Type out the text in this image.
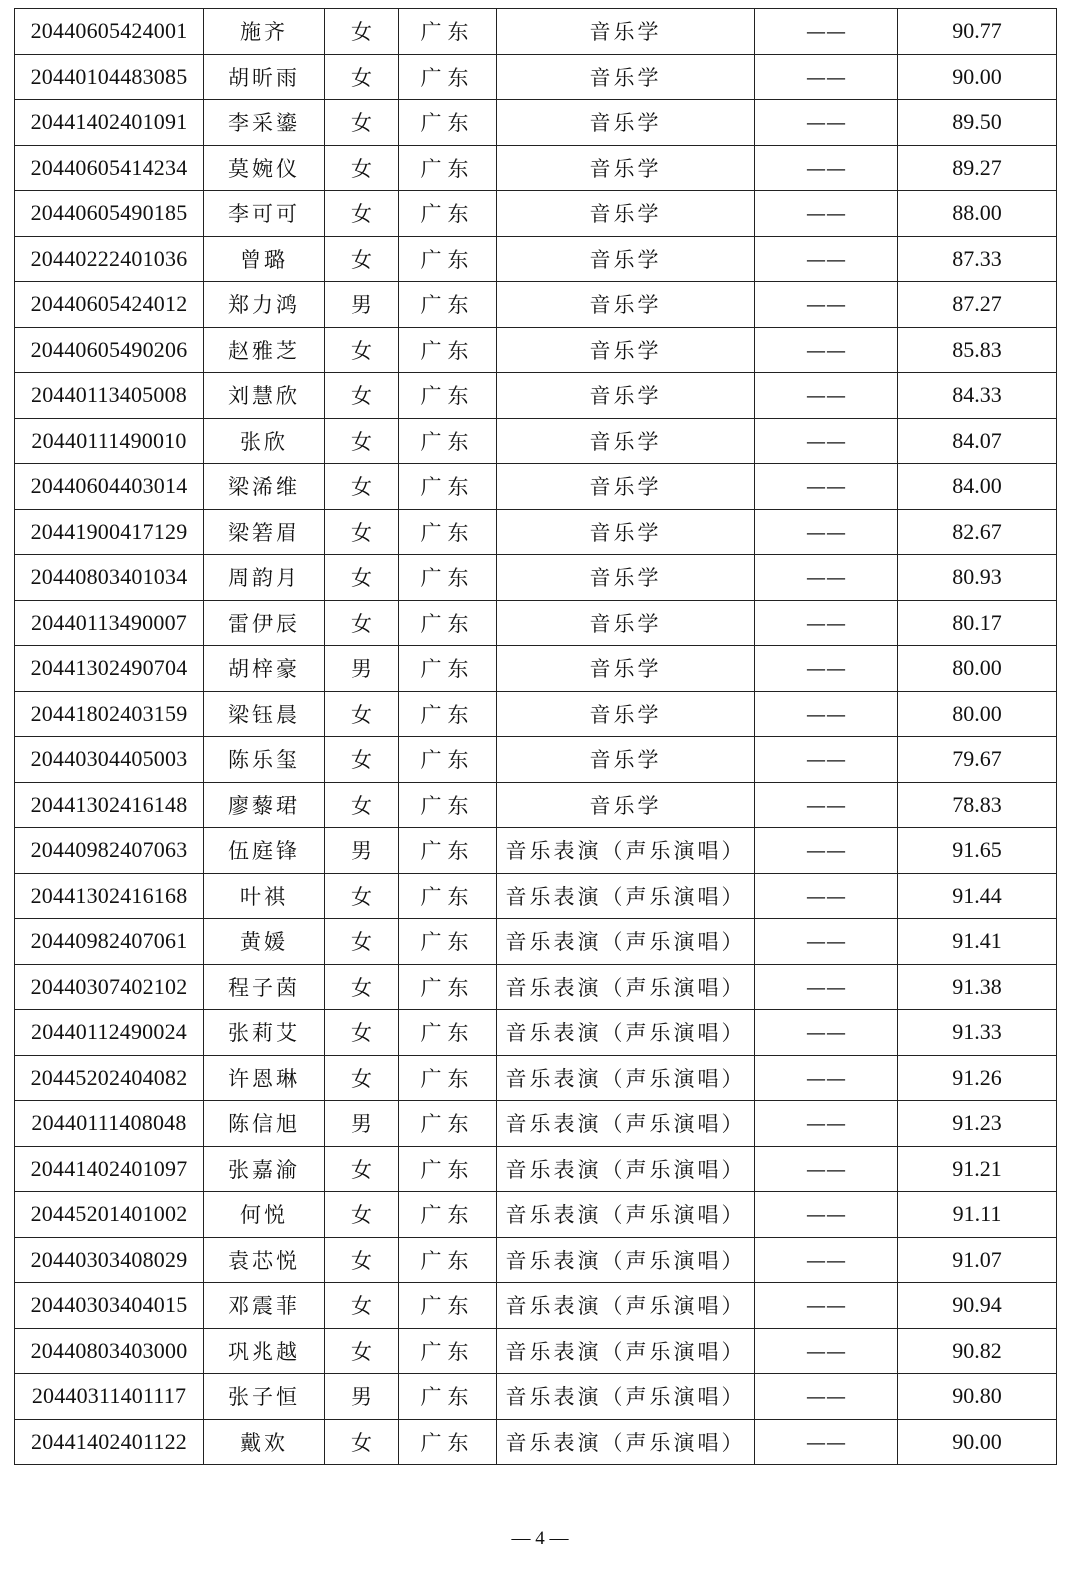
20440605424001	施齐	女	广东	音乐学	——	90.77
20440104483085	胡昕雨	女	广东	音乐学	——	90.00
20441402401091	李采鎏	女	广东	音乐学	——	89.50
20440605414234	莫婉仪	女	广东	音乐学	——	89.27
20440605490185	李可可	女	广东	音乐学	——	88.00
20440222401036	曾璐	女	广东	音乐学	——	87.33
20440605424012	郑力鸿	男	广东	音乐学	——	87.27
20440605490206	赵雅芝	女	广东	音乐学	——	85.83
20440113405008	刘慧欣	女	广东	音乐学	——	84.33
20440111490010	张欣	女	广东	音乐学	——	84.07
20440604403014	梁浠维	女	广东	音乐学	——	84.00
20441900417129	梁箬眉	女	广东	音乐学	——	82.67
20440803401034	周韵月	女	广东	音乐学	——	80.93
20440113490007	雷伊辰	女	广东	音乐学	——	80.17
20441302490704	胡梓豪	男	广东	音乐学	——	80.00
20441802403159	梁钰晨	女	广东	音乐学	——	80.00
20440304405003	陈乐玺	女	广东	音乐学	——	79.67
20441302416148	廖藜珺	女	广东	音乐学	——	78.83
20440982407063	伍庭锋	男	广东	音乐表演（声乐演唱）	——	91.65
20441302416168	叶祺	女	广东	音乐表演（声乐演唱）	——	91.44
20440982407061	黄媛	女	广东	音乐表演（声乐演唱）	——	91.41
20440307402102	程子茵	女	广东	音乐表演（声乐演唱）	——	91.38
20440112490024	张莉艾	女	广东	音乐表演（声乐演唱）	——	91.33
20445202404082	许恩琳	女	广东	音乐表演（声乐演唱）	——	91.26
20440111408048	陈信旭	男	广东	音乐表演（声乐演唱）	——	91.23
20441402401097	张嘉渝	女	广东	音乐表演（声乐演唱）	——	91.21
20445201401002	何悦	女	广东	音乐表演（声乐演唱）	——	91.11
20440303408029	袁芯悦	女	广东	音乐表演（声乐演唱）	——	91.07
20440303404015	邓震菲	女	广东	音乐表演（声乐演唱）	——	90.94
20440803403000	巩兆越	女	广东	音乐表演（声乐演唱）	——	90.82
20440311401117	张子恒	男	广东	音乐表演（声乐演唱）	——	90.80
20441402401122	戴欢	女	广东	音乐表演（声乐演唱）	——	90.00
— 4 —
